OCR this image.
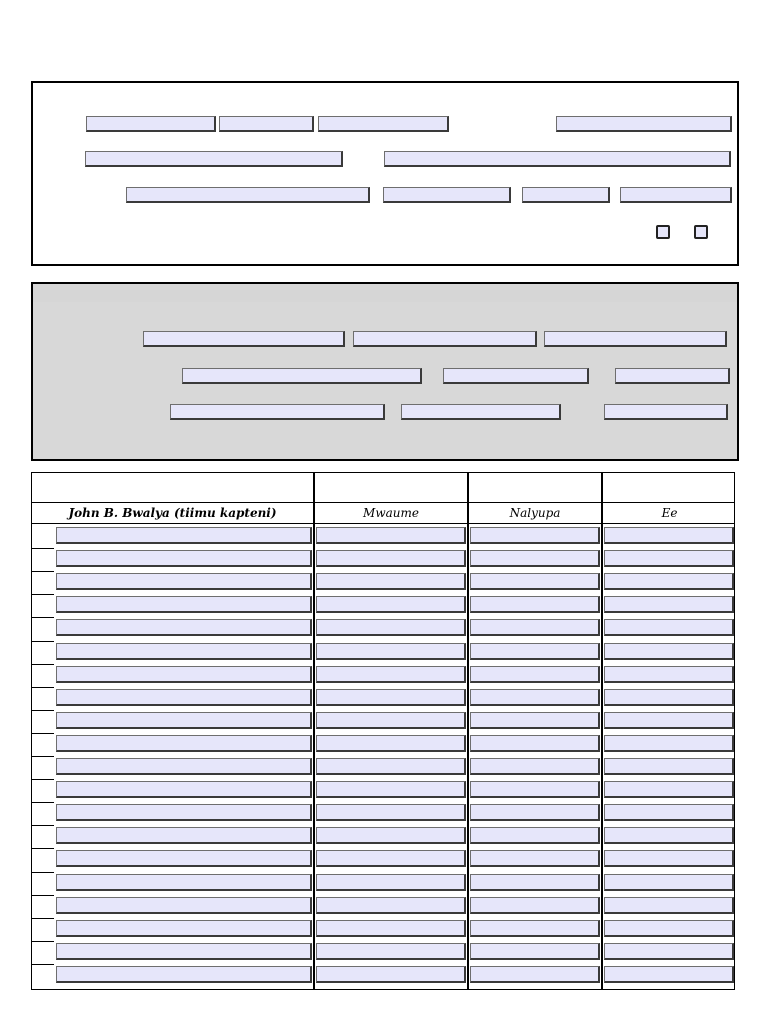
John B. Bwalya (tiimu kapteni)	Mwaume	Nalyupa	Ee
